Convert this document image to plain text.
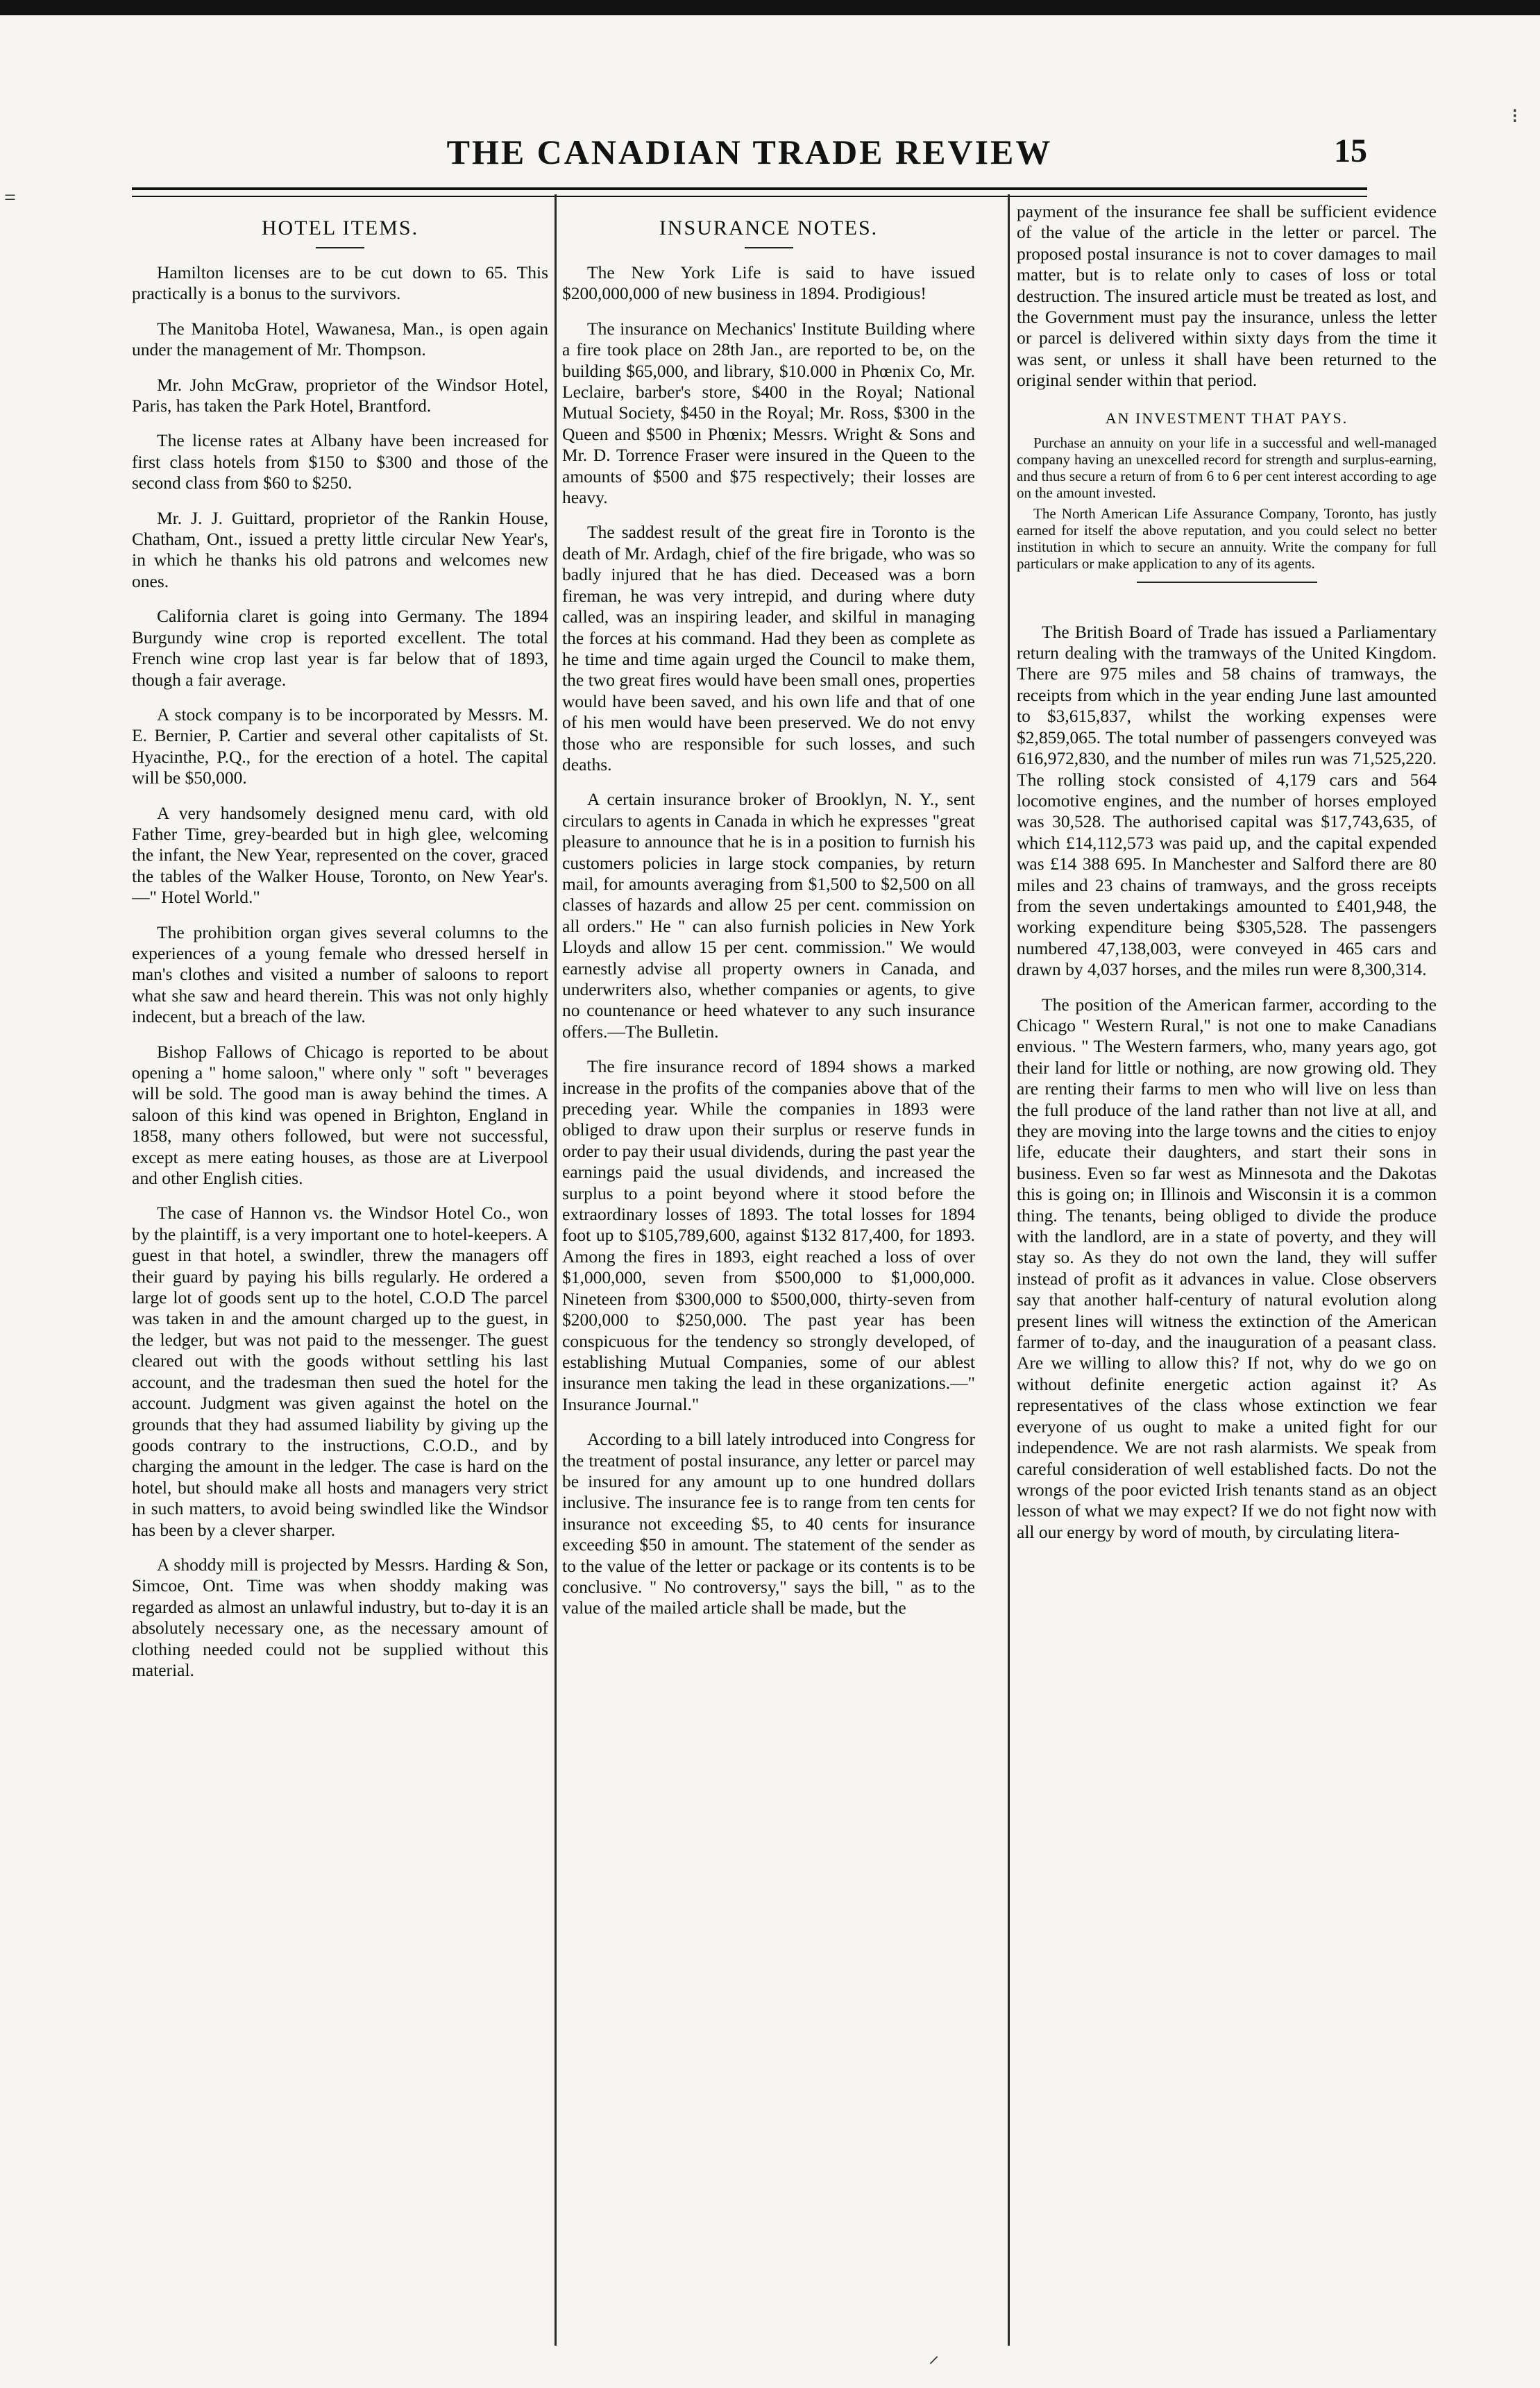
⁝
=
THE CANADIAN TRADE REVIEW	15
HOTEL ITEMS.

Hamilton licenses are to be cut down to 65. This practically is a bonus to the survivors.

The Manitoba Hotel, Wawanesa, Man., is open again under the management of Mr. Thompson.

Mr. John McGraw, proprietor of the Windsor Hotel, Paris, has taken the Park Hotel, Brantford.

The license rates at Albany have been increased for first class hotels from $150 to $300 and those of the second class from $60 to $250.

Mr. J. J. Guittard, proprietor of the Rankin House, Chatham, Ont., issued a pretty little circular New Year's, in which he thanks his old patrons and welcomes new ones.

California claret is going into Germany. The 1894 Burgundy wine crop is reported excellent. The total French wine crop last year is far below that of 1893, though a fair average.

A stock company is to be incorporated by Messrs. M. E. Bernier, P. Cartier and several other capitalists of St. Hyacinthe, P.Q., for the erection of a hotel. The capital will be $50,000.

A very handsomely designed menu card, with old Father Time, grey-bearded but in high glee, welcoming the infant, the New Year, represented on the cover, graced the tables of the Walker House, Toronto, on New Year's.—" Hotel World."

The prohibition organ gives several columns to the experiences of a young female who dressed herself in man's clothes and visited a number of saloons to report what she saw and heard therein. This was not only highly indecent, but a breach of the law.

Bishop Fallows of Chicago is reported to be about opening a " home saloon," where only " soft " beverages will be sold. The good man is away behind the times. A saloon of this kind was opened in Brighton, England in 1858, many others followed, but were not successful, except as mere eating houses, as those are at Liverpool and other English cities.

The case of Hannon vs. the Windsor Hotel Co., won by the plaintiff, is a very important one to hotel-keepers. A guest in that hotel, a swindler, threw the managers off their guard by paying his bills regularly. He ordered a large lot of goods sent up to the hotel, C.O.D The parcel was taken in and the amount charged up to the guest, in the ledger, but was not paid to the messenger. The guest cleared out with the goods without settling his last account, and the tradesman then sued the hotel for the account. Judgment was given against the hotel on the grounds that they had assumed liability by giving up the goods contrary to the instructions, C.O.D., and by charging the amount in the ledger. The case is hard on the hotel, but should make all hosts and managers very strict in such matters, to avoid being swindled like the Windsor has been by a clever sharper.

A shoddy mill is projected by Messrs. Harding & Son, Simcoe, Ont. Time was when shoddy making was regarded as almost an unlawful industry, but to-day it is an absolutely necessary one, as the necessary amount of clothing needed could not be supplied without this material.

INSURANCE NOTES.

The New York Life is said to have issued $200,000,000 of new business in 1894. Prodigious!

The insurance on Mechanics' Institute Building where a fire took place on 28th Jan., are reported to be, on the building $65,000, and library, $10.000 in Phœnix Co, Mr. Leclaire, barber's store, $400 in the Royal; National Mutual Society, $450 in the Royal; Mr. Ross, $300 in the Queen and $500 in Phœnix; Messrs. Wright & Sons and Mr. D. Torrence Fraser were insured in the Queen to the amounts of $500 and $75 respectively; their losses are heavy.

The saddest result of the great fire in Toronto is the death of Mr. Ardagh, chief of the fire brigade, who was so badly injured that he has died. Deceased was a born fireman, he was very intrepid, and during where duty called, was an inspiring leader, and skilful in managing the forces at his command. Had they been as complete as he time and time again urged the Council to make them, the two great fires would have been small ones, properties would have been saved, and his own life and that of one of his men would have been preserved. We do not envy those who are responsible for such losses, and such deaths.

A certain insurance broker of Brooklyn, N. Y., sent circulars to agents in Canada in which he expresses "great pleasure to announce that he is in a position to furnish his customers policies in large stock companies, by return mail, for amounts averaging from $1,500 to $2,500 on all classes of hazards and allow 25 per cent. commission on all orders." He " can also furnish policies in New York Lloyds and allow 15 per cent. commission." We would earnestly advise all property owners in Canada, and underwriters also, whether companies or agents, to give no countenance or heed whatever to any such insurance offers.—The Bulletin.

The fire insurance record of 1894 shows a marked increase in the profits of the companies above that of the preceding year. While the companies in 1893 were obliged to draw upon their surplus or reserve funds in order to pay their usual dividends, during the past year the earnings paid the usual dividends, and increased the surplus to a point beyond where it stood before the extraordinary losses of 1893. The total losses for 1894 foot up to $105,789,600, against $132 817,400, for 1893. Among the fires in 1893, eight reached a loss of over $1,000,000, seven from $500,000 to $1,000,000. Nineteen from $300,000 to $500,000, thirty-seven from $200,000 to $250,000. The past year has been conspicuous for the tendency so strongly developed, of establishing Mutual Companies, some of our ablest insurance men taking the lead in these organizations.—" Insurance Journal."

According to a bill lately introduced into Congress for the treatment of postal insurance, any letter or parcel may be insured for any amount up to one hundred dollars inclusive. The insurance fee is to range from ten cents for insurance not exceeding $5, to 40 cents for insurance exceeding $50 in amount. The statement of the sender as to the value of the letter or package or its contents is to be conclusive. " No controversy," says the bill, " as to the value of the mailed article shall be made, but the

payment of the insurance fee shall be sufficient evidence of the value of the article in the letter or parcel. The proposed postal insurance is not to cover damages to mail matter, but is to relate only to cases of loss or total destruction. The insured article must be treated as lost, and the Government must pay the insurance, unless the letter or parcel is delivered within sixty days from the time it was sent, or unless it shall have been returned to the original sender within that period.

AN INVESTMENT THAT PAYS.

Purchase an annuity on your life in a successful and well-managed company having an unexcelled record for strength and surplus-earning, and thus secure a return of from 6 to 6 per cent interest according to age on the amount invested.

The North American Life Assurance Company, Toronto, has justly earned for itself the above reputation, and you could select no better institution in which to secure an annuity. Write the company for full particulars or make application to any of its agents.

The British Board of Trade has issued a Parliamentary return dealing with the tramways of the United Kingdom. There are 975 miles and 58 chains of tramways, the receipts from which in the year ending June last amounted to $3,615,837, whilst the working expenses were $2,859,065. The total number of passengers conveyed was 616,972,830, and the number of miles run was 71,525,220. The rolling stock consisted of 4,179 cars and 564 locomotive engines, and the number of horses employed was 30,528. The authorised capital was $17,743,635, of which £14,112,573 was paid up, and the capital expended was £14 388 695. In Manchester and Salford there are 80 miles and 23 chains of tramways, and the gross receipts from the seven undertakings amounted to £401,948, the working expenditure being $305,528. The passengers numbered 47,138,003, were conveyed in 465 cars and drawn by 4,037 horses, and the miles run were 8,300,314.

The position of the American farmer, according to the Chicago " Western Rural," is not one to make Canadians envious. " The Western farmers, who, many years ago, got their land for little or nothing, are now growing old. They are renting their farms to men who will live on less than the full produce of the land rather than not live at all, and they are moving into the large towns and the cities to enjoy life, educate their daughters, and start their sons in business. Even so far west as Minnesota and the Dakotas this is going on; in Illinois and Wisconsin it is a common thing. The tenants, being obliged to divide the produce with the landlord, are in a state of poverty, and they will stay so. As they do not own the land, they will suffer instead of profit as it advances in value. Close observers say that another half-century of natural evolution along present lines will witness the extinction of the American farmer of to-day, and the inauguration of a peasant class. Are we willing to allow this? If not, why do we go on without definite energetic action against it? As representatives of the class whose extinction we fear everyone of us ought to make a united fight for our independence. We are not rash alarmists. We speak from careful consideration of well established facts. Do not the wrongs of the poor evicted Irish tenants stand as an object lesson of what we may expect? If we do not fight now with all our energy by word of mouth, by circulating litera-

⸝
